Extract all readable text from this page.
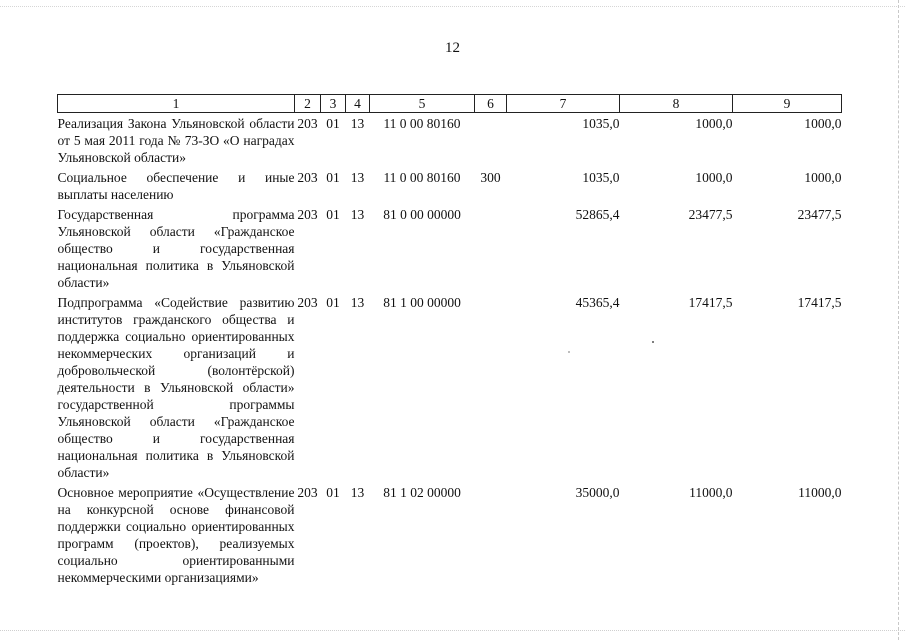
12
1	2	3	4	5	6	7	8	9
Реализация Закона Ульяновской области от 5 мая 2011 года № 73-ЗО «О наградах Ульяновской области»	203	01	13	11 0 00 80160		1035,0	1000,0	1000,0
Социальное обеспечение и иные выплаты населению	203	01	13	11 0 00 80160	300	1035,0	1000,0	1000,0
Государственная программа Ульяновской области «Гражданское общество и государственная национальная политика в Ульяновской области»	203	01	13	81 0 00 00000		52865,4	23477,5	23477,5
Подпрограмма «Содействие развитию институтов гражданского общества и поддержка социально ориентированных некоммерческих организаций и добровольческой (волонтёрской) деятельности в Ульяновской области» государственной программы Ульяновской области «Гражданское общество и государственная национальная политика в Ульяновской области»	203	01	13	81 1 00 00000		45365,4	17417,5	17417,5
Основное мероприятие «Осуществление на конкурсной основе финансовой поддержки социально ориентированных программ (проектов), реализуемых социально ориентированными некоммерческими организациями»	203	01	13	81 1 02 00000		35000,0	11000,0	11000,0
